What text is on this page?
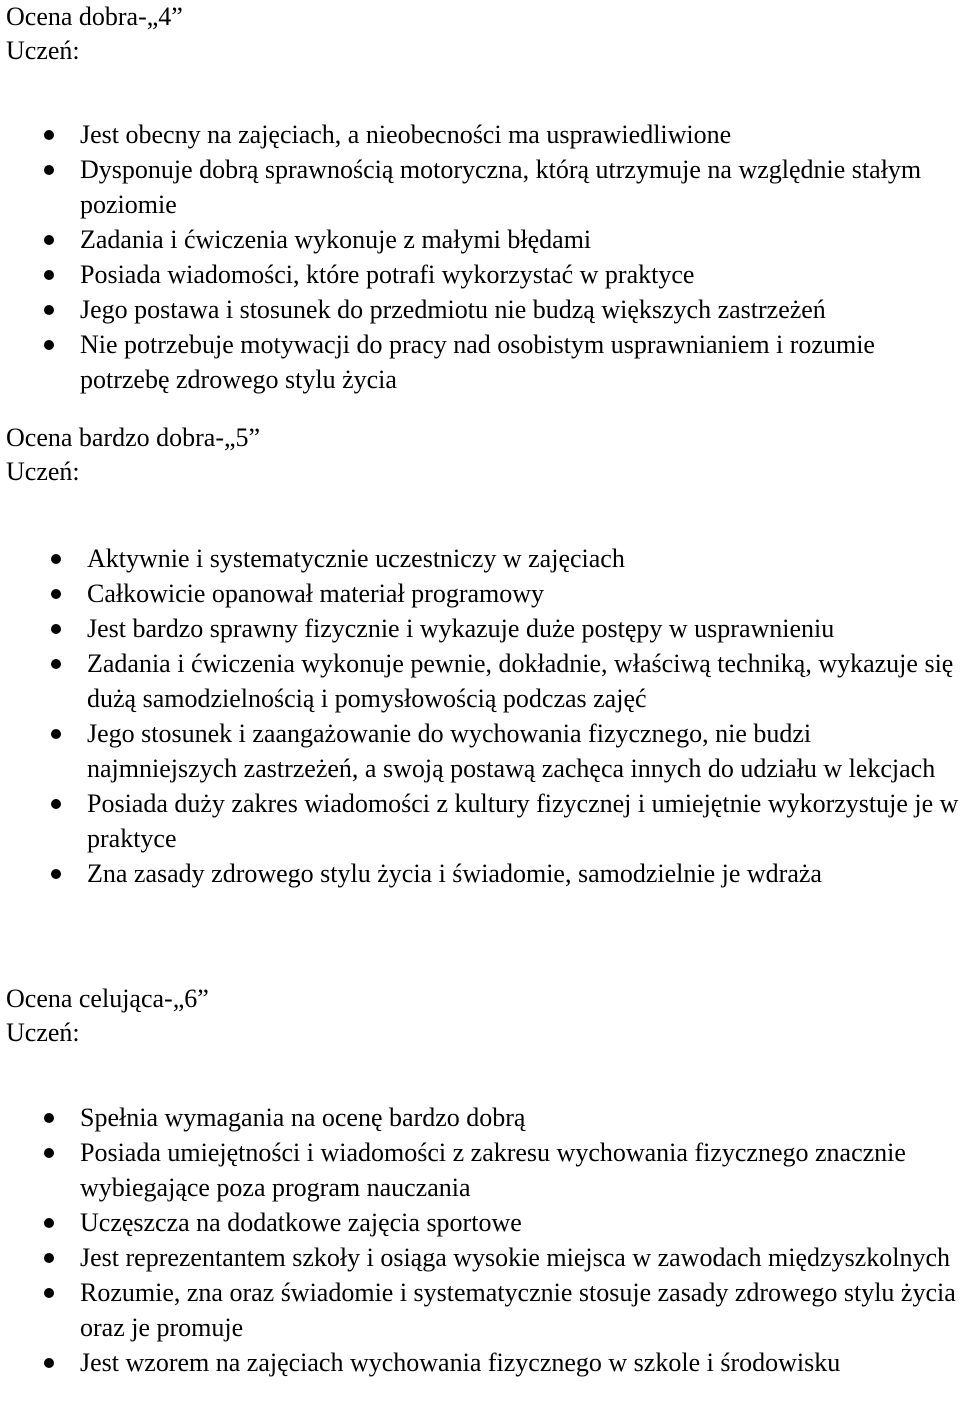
Ocena dobra-„4”

Uczeń:

Jest obecny na zajęciach, a nieobecności ma usprawiedliwione
Dysponuje dobrą sprawnością motoryczna, którą utrzymuje na względnie stałym poziomie
Zadania i ćwiczenia wykonuje z małymi błędami
Posiada wiadomości, które potrafi wykorzystać w praktyce
Jego postawa i stosunek do przedmiotu nie budzą większych zastrzeżeń
Nie potrzebuje motywacji do pracy nad osobistym usprawnianiem i rozumie potrzebę zdrowego stylu życia
Ocena bardzo dobra-„5”

Uczeń:

Aktywnie i systematycznie uczestniczy w zajęciach
Całkowicie opanował materiał programowy
Jest bardzo sprawny fizycznie i wykazuje duże postępy w usprawnieniu
Zadania i ćwiczenia wykonuje pewnie, dokładnie, właściwą techniką, wykazuje się dużą samodzielnością i pomysłowością podczas zajęć
Jego stosunek i zaangażowanie do wychowania fizycznego, nie budzi najmniejszych zastrzeżeń, a swoją postawą zachęca innych do udziału w lekcjach
Posiada duży zakres wiadomości z kultury fizycznej i umiejętnie wykorzystuje je w praktyce
Zna zasady zdrowego stylu życia i świadomie, samodzielnie je wdraża
Ocena celująca-„6”

Uczeń:

Spełnia wymagania na ocenę bardzo dobrą
Posiada umiejętności i wiadomości z zakresu wychowania fizycznego znacznie wybiegające poza program nauczania
Uczęszcza na dodatkowe zajęcia sportowe
Jest reprezentantem szkoły i osiąga wysokie miejsca w zawodach międzyszkolnych
Rozumie, zna oraz świadomie i systematycznie stosuje zasady zdrowego stylu życia oraz je promuje
Jest wzorem na zajęciach wychowania fizycznego w szkole i środowisku
